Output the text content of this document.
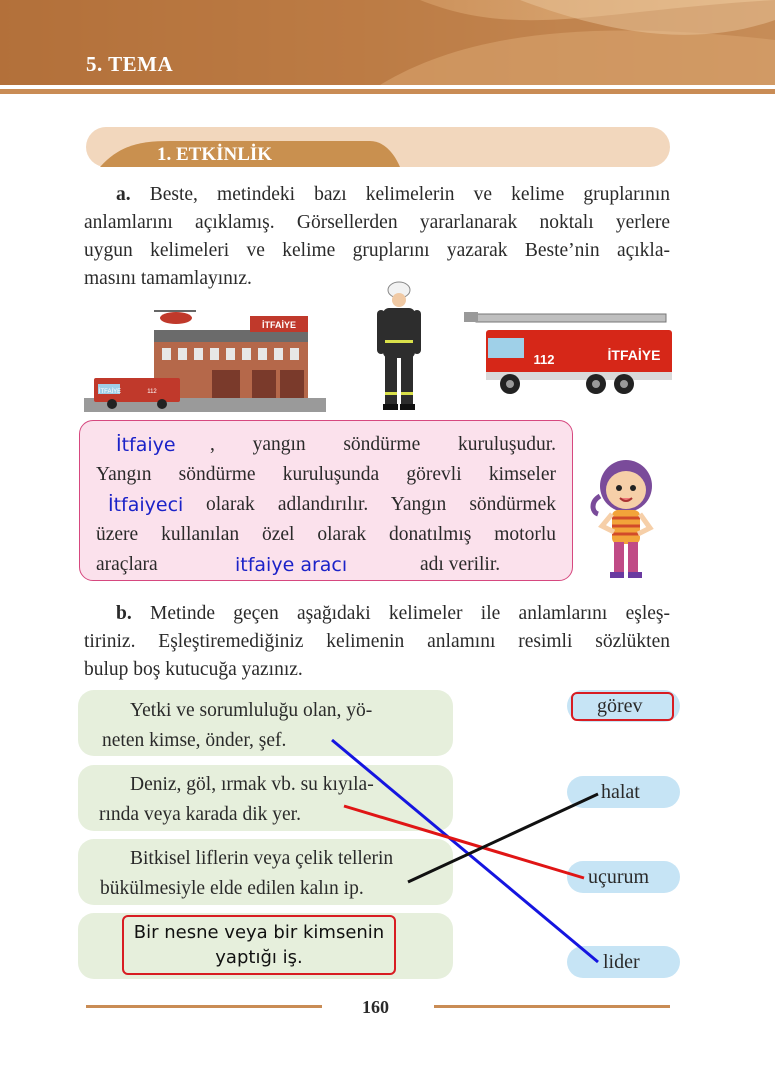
5. TEMA
1. ETKİNLİK
a. Beste, metindeki bazı kelimelerin ve kelime gruplarının
anlamlarını açıklamış. Görsellerden yararlanarak noktalı yerlere
uygun kelimeleri ve kelime gruplarını yazarak Beste’nin açıkla-
masını tamamlayınız.
İTFAİYE
İTFAİYE	112
112	İTFAİYE
, yangın söndürme kuruluşudur.
Yangın söndürme kuruluşunda görevli kimseler
olarak adlandırılır. Yangın söndürmek
üzere kullanılan özel olarak donatılmış motorlu
araçlara	adı verilir.
İtfaiye
İtfaiyeci
itfaiye aracı
b. Metinde geçen aşağıdaki kelimeler ile anlamlarını eşleş-
tiriniz. Eşleştiremediğiniz kelimenin anlamını resimli sözlükten
bulup boş kutucuğa yazınız.
Yetki ve sorumluluğu olan, yö-
neten kimse, önder, şef.
Deniz, göl, ırmak vb. su kıyıla-
rında veya karada dik yer.
Bitkisel liflerin veya çelik tellerin
bükülmesiyle elde edilen kalın ip.
Bir nesne veya bir kimsenin
yaptığı iş.
görev
halat
uçurum
lider
160
